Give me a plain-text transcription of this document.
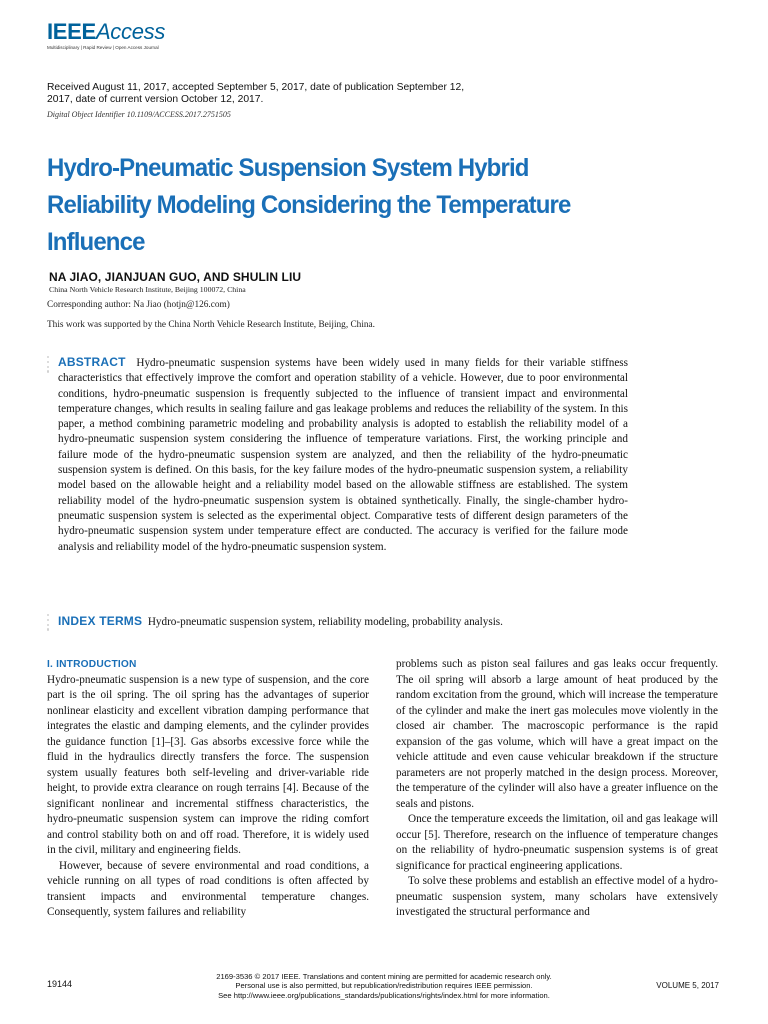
IEEEAccess
Multidisciplinary | Rapid Review | Open Access Journal
Received August 11, 2017, accepted September 5, 2017, date of publication September 12, 2017, date of current version October 12, 2017.
Digital Object Identifier 10.1109/ACCESS.2017.2751505
Hydro-Pneumatic Suspension System Hybrid Reliability Modeling Considering the Temperature Influence
NA JIAO, JIANJUAN GUO, AND SHULIN LIU
China North Vehicle Research Institute, Beijing 100072, China
Corresponding author: Na Jiao (hotjn@126.com)
This work was supported by the China North Vehicle Research Institute, Beijing, China.

ABSTRACT Hydro-pneumatic suspension systems have been widely used in many fields for their variable stiffness characteristics that effectively improve the comfort and operation stability of a vehicle. However, due to poor environmental conditions, hydro-pneumatic suspension is frequently subjected to the influence of transient impact and environmental temperature changes, which results in sealing failure and gas leakage problems and reduces the reliability of the system. In this paper, a method combining parametric modeling and probability analysis is adopted to establish the reliability model of a hydro-pneumatic suspension system considering the influence of temperature variations. First, the working principle and failure mode of the hydro-pneumatic suspension system are analyzed, and then the reliability of the hydro-pneumatic suspension system is defined. On this basis, for the key failure modes of the hydro-pneumatic suspension system, a reliability model based on the allowable height and a reliability model based on the allowable stiffness are established. The system reliability model of the hydro-pneumatic suspension system is obtained synthetically. Finally, the single-chamber hydro-pneumatic suspension system is selected as the experimental object. Comparative tests of different design parameters of the hydro-pneumatic suspension system under temperature effect are conducted. The accuracy is verified for the failure mode analysis and reliability model of the hydro-pneumatic suspension system.

INDEX TERMS Hydro-pneumatic suspension system, reliability modeling, probability analysis.

I. INTRODUCTION

Hydro-pneumatic suspension is a new type of suspension, and the core part is the oil spring. The oil spring has the advantages of superior nonlinear elasticity and excellent vibration damping performance that integrates the elastic and damping elements, and the cylinder provides the guidance function [1]–[3]. Gas absorbs excessive force while the fluid in the hydraulics directly transfers the force. The suspension system usually features both self-leveling and driver-variable ride height, to provide extra clearance on rough terrains [4]. Because of the significant nonlinear and incremental stiffness characteristics, the hydro-pneumatic suspension system can improve the riding comfort and control stability both on and off road. Therefore, it is widely used in the civil, military and engineering fields.

However, because of severe environmental and road conditions, a vehicle running on all types of road conditions is often affected by transient impacts and environmental temperature changes. Consequently, system failures and reliability

problems such as piston seal failures and gas leaks occur frequently. The oil spring will absorb a large amount of heat produced by the random excitation from the ground, which will increase the temperature of the cylinder and make the inert gas molecules move violently in the closed air chamber. The macroscopic performance is the rapid expansion of the gas volume, which will have a great impact on the vehicle attitude and even cause vehicular breakdown if the structure parameters are not properly matched in the design process. Moreover, the temperature of the cylinder will also have a greater influence on the seals and pistons.

Once the temperature exceeds the limitation, oil and gas leakage will occur [5]. Therefore, research on the influence of temperature changes on the reliability of hydro-pneumatic suspension systems is of great significance for practical engineering applications.

To solve these problems and establish an effective model of a hydro-pneumatic suspension system, many scholars have extensively investigated the structural performance and

19144
2169-3536 © 2017 IEEE. Translations and content mining are permitted for academic research only.
Personal use is also permitted, but republication/redistribution requires IEEE permission.
See http://www.ieee.org/publications_standards/publications/rights/index.html for more information.
VOLUME 5, 2017
